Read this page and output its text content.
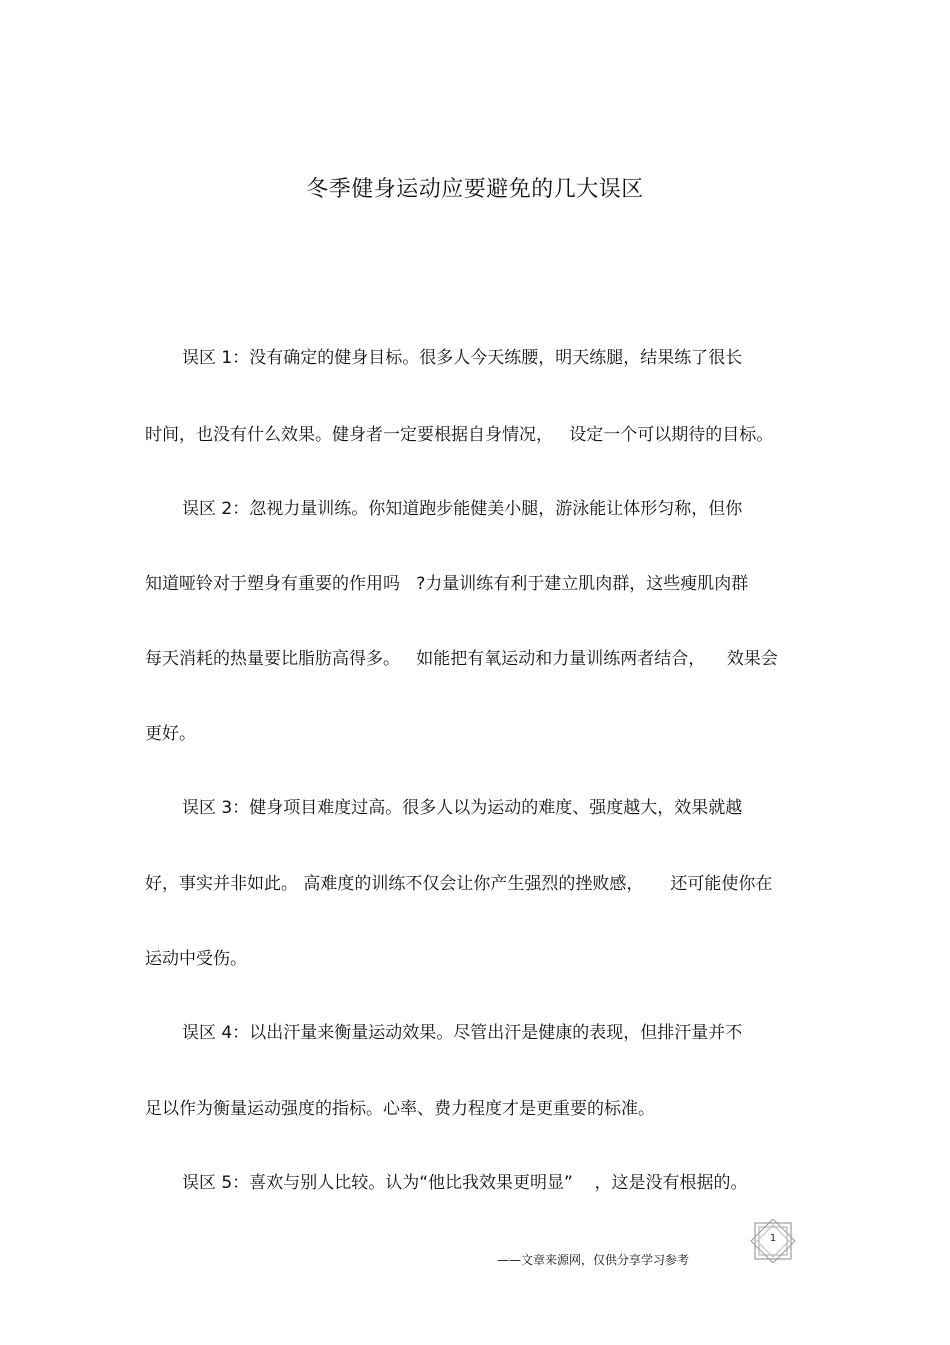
冬季健身运动应要避免的几大误区
误区 1：没有确定的健身目标。很多人今天练腰，明天练腿，结果练了很长
时间，也没有什么效果。健身者一定要根据自身情况，   设定一个可以期待的目标。
误区 2：忽视力量训练。你知道跑步能健美小腿，游泳能让体形匀称，但你
知道哑铃对于塑身有重要的作用吗   ?力量训练有利于建立肌肉群，这些瘦肌肉群
每天消耗的热量要比脂肪高得多。   如能把有氧运动和力量训练两者结合，    效果会
更好。
误区 3：健身项目难度过高。很多人以为运动的难度、强度越大，效果就越
好，事实并非如此。 高难度的训练不仅会让你产生强烈的挫败感，     还可能使你在
运动中受伤。
误区 4：以出汗量来衡量运动效果。尽管出汗是健康的表现，但排汗量并不
足以作为衡量运动强度的指标。心率、费力程度才是更重要的标准。
误区 5：喜欢与别人比较。认为“他比我效果更明显”    ，这是没有根据的。
1
——文章来源网，仅供分享学习参考
